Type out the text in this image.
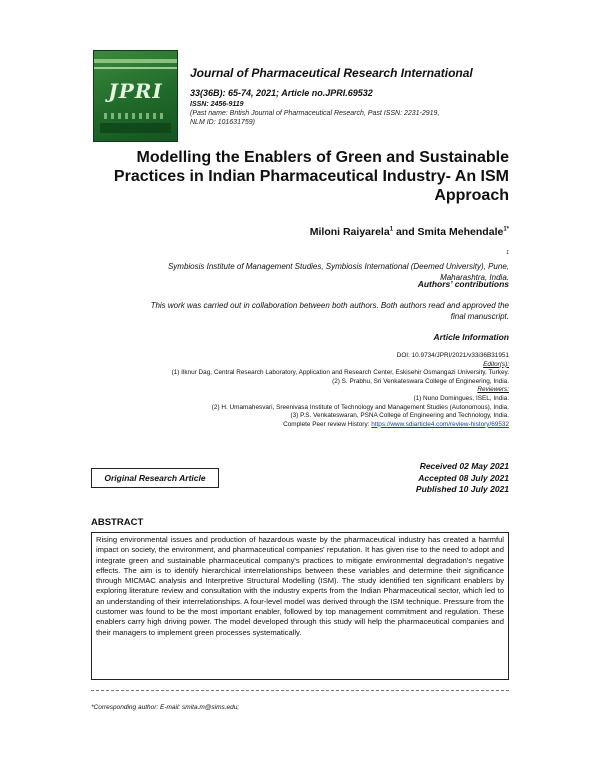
JPRI
Journal of Pharmaceutical Research International
33(36B): 65-74, 2021; Article no.JPRI.69532
ISSN: 2456-9119
(Past name: British Journal of Pharmaceutical Research, Past ISSN: 2231-2919,
NLM ID: 101631759)
Modelling the Enablers of Green and Sustainable
Practices in Indian Pharmaceutical Industry- An ISM
Approach
Miloni Raiyarela$^1$ and Smita Mehendale$^{1*}$
$^1$
Symbiosis Institute of Management Studies, Symbiosis International (Deemed University), Pune,
Maharashtra, India.
Authors’ contributions
This work was carried out in collaboration between both authors. Both authors read and approved the
final manuscript.
Article Information
DOI: 10.9734/JPRI/2021/v33i36B31951
Editor(s):
(1) Ilknur Dag, Central Research Laboratory, Application and Research Center, Eskisehir Osmangazi University, Turkey.
(2) S. Prabhu, Sri Venkateswara College of Engineering, India.
Reviewers:
(1) Nuno Domingues, ISEL, India.
(2) H. Umamahesvari, Sreenivasa Institute of Technology and Management Studies (Autonomous), India.
(3) P.S. Venkateswaran, PSNA College of Engineering and Technology, India.
Complete Peer review History: https://www.sdiarticle4.com/review-history/69532
Original Research Article
Received 02 May 2021
Accepted 08 July 2021
Published 10 July 2021
ABSTRACT
Rising environmental issues and production of hazardous waste by the pharmaceutical industry has created a harmful impact on society, the environment, and pharmaceutical companies' reputation. It has given rise to the need to adopt and integrate green and sustainable pharmaceutical company's practices to mitigate environmental degradation's negative effects. The aim is to identify hierarchical interrelationships between these variables and determine their significance through MICMAC analysis and Interpretive Structural Modelling (ISM). The study identified ten significant enablers by exploring literature review and consultation with the industry experts from the Indian Pharmaceutical sector, which led to an understanding of their interrelationships. A four-level model was derived through the ISM technique. Pressure from the customer was found to be the most important enabler, followed by top management commitment and regulation. These enablers carry high driving power. The model developed through this study will help the pharmaceutical companies and their managers to implement green processes systematically.
*Corresponding author: E-mail: smita.m@sims.edu;
